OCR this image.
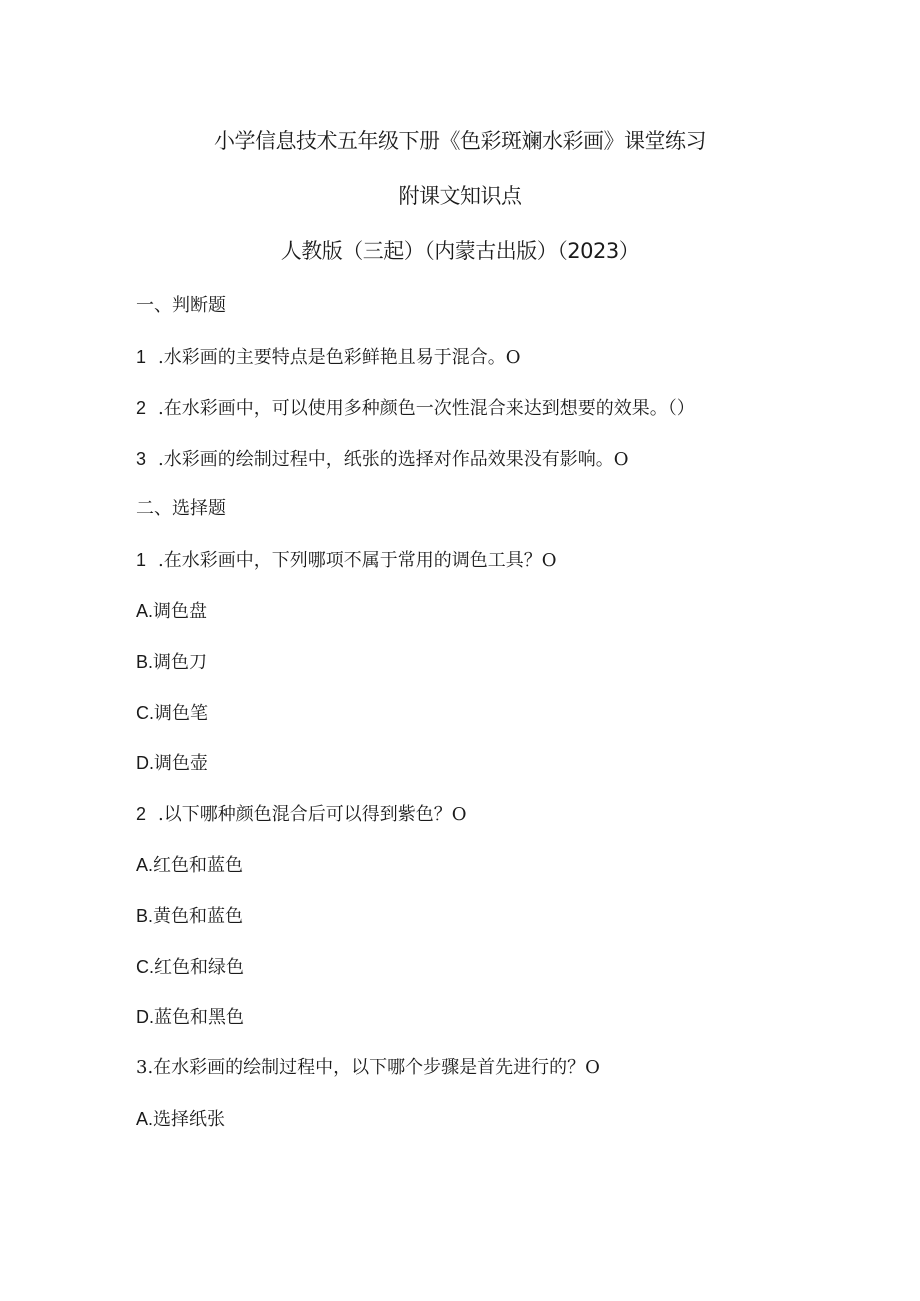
小学信息技术五年级下册《色彩斑斓水彩画》课堂练习
附课文知识点
人教版（三起）（内蒙古出版）（2023）
一、判断题
1 .水彩画的主要特点是色彩鲜艳且易于混合。O
2 .在水彩画中，可以使用多种颜色一次性混合来达到想要的效果。（）
3 .水彩画的绘制过程中，纸张的选择对作品效果没有影响。O
二、选择题
1 .在水彩画中，下列哪项不属于常用的调色工具？O
A.调色盘
B.调色刀
C.调色笔
D.调色壶
2 .以下哪种颜色混合后可以得到紫色？O
A.红色和蓝色
B.黄色和蓝色
C.红色和绿色
D.蓝色和黑色
3.在水彩画的绘制过程中，以下哪个步骤是首先进行的？O
A.选择纸张
